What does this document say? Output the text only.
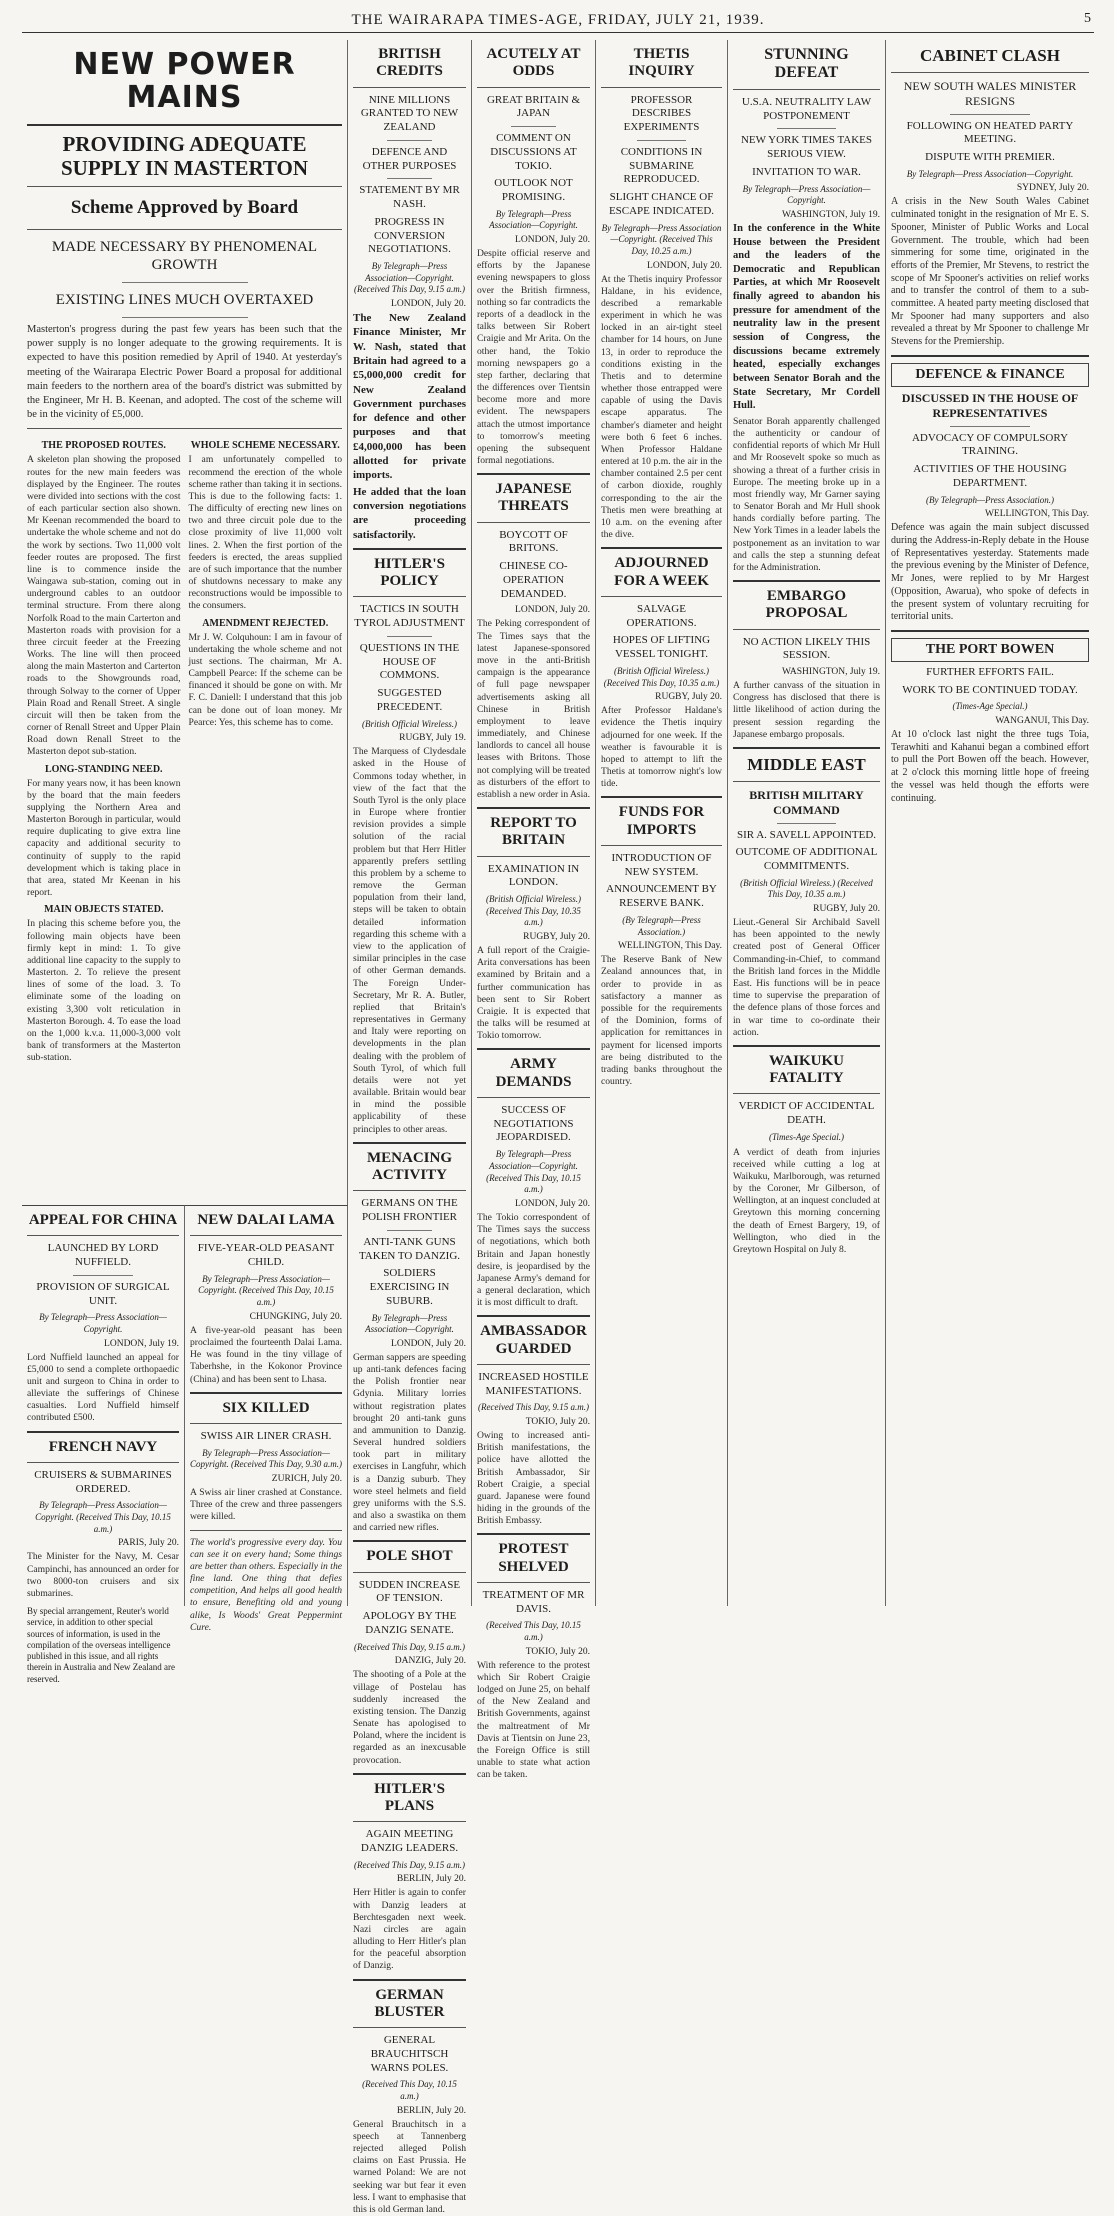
THE WAIRARAPA TIMES-AGE, FRIDAY, JULY 21, 1939.	5
NEW POWER MAINS
PROVIDING ADEQUATE SUPPLY IN MASTERTON
Scheme Approved by Board
MADE NECESSARY BY PHENOMENAL GROWTH
EXISTING LINES MUCH OVERTAXED
Masterton's progress during the past few years has been such that the power supply is no longer adequate to the growing requirements. It is expected to have this position remedied by April of 1940. At yesterday's meeting of the Wairarapa Electric Power Board a proposal for additional main feeders to the northern area of the board's district was submitted by the Engineer, Mr H. B. Keenan, and adopted. The cost of the scheme will be in the vicinity of £5,000.
THE PROPOSED ROUTES.
A skeleton plan showing the proposed routes for the new main feeders was displayed by the Engineer. The routes were divided into sections with the cost of each particular section also shown. Mr Keenan recommended the board to undertake the whole scheme and not do the work by sections. Two 11,000 volt feeder routes are proposed. The first line is to commence inside the Waingawa sub-station, coming out in underground cables to an outdoor terminal structure. From there along Norfolk Road to the main Carterton and Masterton roads with provision for a three circuit feeder at the Freezing Works. The line will then proceed along the main Masterton and Carterton roads to the Showgrounds road, through Solway to the corner of Upper Plain Road and Renall Street. A single circuit will then be taken from the corner of Renall Street and Upper Plain Road down Renall Street to the Masterton depot sub-station.
LONG-STANDING NEED.
For many years now, it has been known by the board that the main feeders supplying the Northern Area and Masterton Borough in particular, would require duplicating to give extra line capacity and additional security to continuity of supply to the rapid development which is taking place in that area, stated Mr Keenan in his report.
MAIN OBJECTS STATED.
In placing this scheme before you, the following main objects have been firmly kept in mind: 1. To give additional line capacity to the supply to Masterton. 2. To relieve the present lines of some of the load. 3. To eliminate some of the loading on existing 3,300 volt reticulation in Masterton Borough. 4. To ease the load on the 1,000 k.v.a. 11,000-3,000 volt bank of transformers at the Masterton sub-station.
WHOLE SCHEME NECESSARY.
I am unfortunately compelled to recommend the erection of the whole scheme rather than taking it in sections. This is due to the following facts: 1. The difficulty of erecting new lines on two and three circuit pole due to the close proximity of live 11,000 volt lines. 2. When the first portion of the feeders is erected, the areas supplied are of such importance that the number of shutdowns necessary to make any reconstructions would be impossible to the consumers.
AMENDMENT REJECTED.
Mr J. W. Colquhoun: I am in favour of undertaking the whole scheme and not just sections. The chairman, Mr A. Campbell Pearce: If the scheme can be financed it should be gone on with. Mr F. C. Daniell: I understand that this job can be done out of loan money. Mr Pearce: Yes, this scheme has to come.
APPEAL FOR CHINA
LAUNCHED BY LORD NUFFIELD.
PROVISION OF SURGICAL UNIT.
By Telegraph—Press Association—Copyright.
LONDON, July 19.
Lord Nuffield launched an appeal for £5,000 to send a complete orthopaedic unit and surgeon to China in order to alleviate the sufferings of Chinese casualties. Lord Nuffield himself contributed £500.
FRENCH NAVY
CRUISERS & SUBMARINES ORDERED.
By Telegraph—Press Association—Copyright. (Received This Day, 10.15 a.m.)
PARIS, July 20.
The Minister for the Navy, M. Cesar Campinchi, has announced an order for two 8000-ton cruisers and six submarines.
By special arrangement, Reuter's world service, in addition to other special sources of information, is used in the compilation of the overseas intelligence published in this issue, and all rights therein in Australia and New Zealand are reserved.
NEW DALAI LAMA
FIVE-YEAR-OLD PEASANT CHILD.
By Telegraph—Press Association—Copyright. (Received This Day, 10.15 a.m.)
CHUNGKING, July 20.
A five-year-old peasant has been proclaimed the fourteenth Dalai Lama. He was found in the tiny village of Taberhshe, in the Kokonor Province (China) and has been sent to Lhasa.
SIX KILLED
SWISS AIR LINER CRASH.
By Telegraph—Press Association—Copyright. (Received This Day, 9.30 a.m.)
ZURICH, July 20.
A Swiss air liner crashed at Constance. Three of the crew and three passengers were killed.
The world's progressive every day. You can see it on every hand; Some things are better than others. Especially in the fine land. One thing that defies competition, And helps all good health to ensure, Benefiting old and young alike, Is Woods' Great Peppermint Cure.
BRITISH CREDITS
NINE MILLIONS GRANTED TO NEW ZEALAND
DEFENCE AND OTHER PURPOSES
STATEMENT BY MR NASH.
PROGRESS IN CONVERSION NEGOTIATIONS.
By Telegraph—Press Association—Copyright. (Received This Day, 9.15 a.m.)
LONDON, July 20.
The New Zealand Finance Minister, Mr W. Nash, stated that Britain had agreed to a £5,000,000 credit for New Zealand Government purchases for defence and other purposes and that £4,000,000 has been allotted for private imports.
He added that the loan conversion negotiations are proceeding satisfactorily.
HITLER'S POLICY
TACTICS IN SOUTH TYROL ADJUSTMENT
QUESTIONS IN THE HOUSE OF COMMONS.
SUGGESTED PRECEDENT.
(British Official Wireless.)
RUGBY, July 19.
The Marquess of Clydesdale asked in the House of Commons today whether, in view of the fact that the South Tyrol is the only place in Europe where frontier revision provides a simple solution of the racial problem but that Herr Hitler apparently prefers settling this problem by a scheme to remove the German population from their land, steps will be taken to obtain detailed information regarding this scheme with a view to the application of similar principles in the case of other German demands. The Foreign Under-Secretary, Mr R. A. Butler, replied that Britain's representatives in Germany and Italy were reporting on developments in the plan dealing with the problem of South Tyrol, of which full details were not yet available. Britain would bear in mind the possible applicability of these principles to other areas.
MENACING ACTIVITY
GERMANS ON THE POLISH FRONTIER
ANTI-TANK GUNS TAKEN TO DANZIG.
SOLDIERS EXERCISING IN SUBURB.
By Telegraph—Press Association—Copyright.
LONDON, July 20.
German sappers are speeding up anti-tank defences facing the Polish frontier near Gdynia. Military lorries without registration plates brought 20 anti-tank guns and ammunition to Danzig. Several hundred soldiers took part in military exercises in Langfuhr, which is a Danzig suburb. They wore steel helmets and field grey uniforms with the S.S. and also a swastika on them and carried new rifles.
POLE SHOT
SUDDEN INCREASE OF TENSION.
APOLOGY BY THE DANZIG SENATE.
(Received This Day, 9.15 a.m.)
DANZIG, July 20.
The shooting of a Pole at the village of Postelau has suddenly increased the existing tension. The Danzig Senate has apologised to Poland, where the incident is regarded as an inexcusable provocation.
HITLER'S PLANS
AGAIN MEETING DANZIG LEADERS.
(Received This Day, 9.15 a.m.)
BERLIN, July 20.
Herr Hitler is again to confer with Danzig leaders at Berchtesgaden next week. Nazi circles are again alluding to Herr Hitler's plan for the peaceful absorption of Danzig.
GERMAN BLUSTER
GENERAL BRAUCHITSCH WARNS POLES.
(Received This Day, 10.15 a.m.)
BERLIN, July 20.
General Brauchitsch in a speech at Tannenberg rejected alleged Polish claims on East Prussia. He warned Poland: We are not seeking war but fear it even less. I want to emphasise that this is old German land.
ACUTELY AT ODDS
GREAT BRITAIN & JAPAN
COMMENT ON DISCUSSIONS AT TOKIO.
OUTLOOK NOT PROMISING.
By Telegraph—Press Association—Copyright.
LONDON, July 20.
Despite official reserve and efforts by the Japanese evening newspapers to gloss over the British firmness, nothing so far contradicts the reports of a deadlock in the talks between Sir Robert Craigie and Mr Arita. On the other hand, the Tokio morning newspapers go a step farther, declaring that the differences over Tientsin become more and more evident. The newspapers attach the utmost importance to tomorrow's meeting opening the subsequent formal negotiations.
JAPANESE THREATS
BOYCOTT OF BRITONS.
CHINESE CO-OPERATION DEMANDED.
LONDON, July 20.
The Peking correspondent of The Times says that the latest Japanese-sponsored move in the anti-British campaign is the appearance of full page newspaper advertisements asking all Chinese in British employment to leave immediately, and Chinese landlords to cancel all house leases with Britons. Those not complying will be treated as disturbers of the effort to establish a new order in Asia.
REPORT TO BRITAIN
EXAMINATION IN LONDON.
(British Official Wireless.) (Received This Day, 10.35 a.m.)
RUGBY, July 20.
A full report of the Craigie-Arita conversations has been examined by Britain and a further communication has been sent to Sir Robert Craigie. It is expected that the talks will be resumed at Tokio tomorrow.
ARMY DEMANDS
SUCCESS OF NEGOTIATIONS JEOPARDISED.
By Telegraph—Press Association—Copyright. (Received This Day, 10.15 a.m.)
LONDON, July 20.
The Tokio correspondent of The Times says the success of negotiations, which both Britain and Japan honestly desire, is jeopardised by the Japanese Army's demand for a general declaration, which it is most difficult to draft.
AMBASSADOR GUARDED
INCREASED HOSTILE MANIFESTATIONS.
(Received This Day, 9.15 a.m.)
TOKIO, July 20.
Owing to increased anti-British manifestations, the police have allotted the British Ambassador, Sir Robert Craigie, a special guard. Japanese were found hiding in the grounds of the British Embassy.
PROTEST SHELVED
TREATMENT OF MR DAVIS.
(Received This Day, 10.15 a.m.)
TOKIO, July 20.
With reference to the protest which Sir Robert Craigie lodged on June 25, on behalf of the New Zealand and British Governments, against the maltreatment of Mr Davis at Tientsin on June 23, the Foreign Office is still unable to state what action can be taken.
THETIS INQUIRY
PROFESSOR DESCRIBES EXPERIMENTS
CONDITIONS IN SUBMARINE REPRODUCED.
SLIGHT CHANCE OF ESCAPE INDICATED.
By Telegraph—Press Association—Copyright. (Received This Day, 10.25 a.m.)
LONDON, July 20.
At the Thetis inquiry Professor Haldane, in his evidence, described a remarkable experiment in which he was locked in an air-tight steel chamber for 14 hours, on June 13, in order to reproduce the conditions existing in the Thetis and to determine whether those entrapped were capable of using the Davis escape apparatus. The chamber's diameter and height were both 6 feet 6 inches. When Professor Haldane entered at 10 p.m. the air in the chamber contained 2.5 per cent of carbon dioxide, roughly corresponding to the air the Thetis men were breathing at 10 a.m. on the evening after the dive.
ADJOURNED FOR A WEEK
SALVAGE OPERATIONS.
HOPES OF LIFTING VESSEL TONIGHT.
(British Official Wireless.) (Received This Day, 10.35 a.m.)
RUGBY, July 20.
After Professor Haldane's evidence the Thetis inquiry adjourned for one week. If the weather is favourable it is hoped to attempt to lift the Thetis at tomorrow night's low tide.
FUNDS FOR IMPORTS
INTRODUCTION OF NEW SYSTEM.
ANNOUNCEMENT BY RESERVE BANK.
(By Telegraph—Press Association.)
WELLINGTON, This Day.
The Reserve Bank of New Zealand announces that, in order to provide in as satisfactory a manner as possible for the requirements of the Dominion, forms of application for remittances in payment for licensed imports are being distributed to the trading banks throughout the country.
STUNNING DEFEAT
U.S.A. NEUTRALITY LAW POSTPONEMENT
NEW YORK TIMES TAKES SERIOUS VIEW.
INVITATION TO WAR.
By Telegraph—Press Association—Copyright.
WASHINGTON, July 19.
In the conference in the White House between the President and the leaders of the Democratic and Republican Parties, at which Mr Roosevelt finally agreed to abandon his pressure for amendment of the neutrality law in the present session of Congress, the discussions became extremely heated, especially exchanges between Senator Borah and the State Secretary, Mr Cordell Hull.
Senator Borah apparently challenged the authenticity or candour of confidential reports of which Mr Hull and Mr Roosevelt spoke so much as showing a threat of a further crisis in Europe. The meeting broke up in a most friendly way, Mr Garner saying to Senator Borah and Mr Hull shook hands cordially before parting. The New York Times in a leader labels the postponement as an invitation to war and calls the step a stunning defeat for the Administration.
EMBARGO PROPOSAL
NO ACTION LIKELY THIS SESSION.
WASHINGTON, July 19.
A further canvass of the situation in Congress has disclosed that there is little likelihood of action during the present session regarding the Japanese embargo proposals.
MIDDLE EAST
BRITISH MILITARY COMMAND
SIR A. SAVELL APPOINTED.
OUTCOME OF ADDITIONAL COMMITMENTS.
(British Official Wireless.) (Received This Day, 10.35 a.m.)
RUGBY, July 20.
Lieut.-General Sir Archibald Savell has been appointed to the newly created post of General Officer Commanding-in-Chief, to command the British land forces in the Middle East. His functions will be in peace time to supervise the preparation of the defence plans of those forces and in war time to co-ordinate their action.
WAIKUKU FATALITY
VERDICT OF ACCIDENTAL DEATH.
(Times-Age Special.)
A verdict of death from injuries received while cutting a log at Waikuku, Marlborough, was returned by the Coroner, Mr Gilberson, of Wellington, at an inquest concluded at Greytown this morning concerning the death of Ernest Bargery, 19, of Wellington, who died in the Greytown Hospital on July 8.
CABINET CLASH
NEW SOUTH WALES MINISTER RESIGNS
FOLLOWING ON HEATED PARTY MEETING.
DISPUTE WITH PREMIER.
By Telegraph—Press Association—Copyright.
SYDNEY, July 20.
A crisis in the New South Wales Cabinet culminated tonight in the resignation of Mr E. S. Spooner, Minister of Public Works and Local Government. The trouble, which had been simmering for some time, originated in the efforts of the Premier, Mr Stevens, to restrict the scope of Mr Spooner's activities on relief works and to transfer the control of them to a sub-committee. A heated party meeting disclosed that Mr Spooner had many supporters and also revealed a threat by Mr Spooner to challenge Mr Stevens for the Premiership.
DEFENCE & FINANCE
DISCUSSED IN THE HOUSE OF REPRESENTATIVES
ADVOCACY OF COMPULSORY TRAINING.
ACTIVITIES OF THE HOUSING DEPARTMENT.
(By Telegraph—Press Association.)
WELLINGTON, This Day.
Defence was again the main subject discussed during the Address-in-Reply debate in the House of Representatives yesterday. Statements made the previous evening by the Minister of Defence, Mr Jones, were replied to by Mr Hargest (Opposition, Awarua), who spoke of defects in the present system of voluntary recruiting for territorial units.
THE PORT BOWEN
FURTHER EFFORTS FAIL.
WORK TO BE CONTINUED TODAY.
(Times-Age Special.)
WANGANUI, This Day.
At 10 o'clock last night the three tugs Toia, Terawhiti and Kahanui began a combined effort to pull the Port Bowen off the beach. However, at 2 o'clock this morning little hope of freeing the vessel was held though the efforts were continuing.
